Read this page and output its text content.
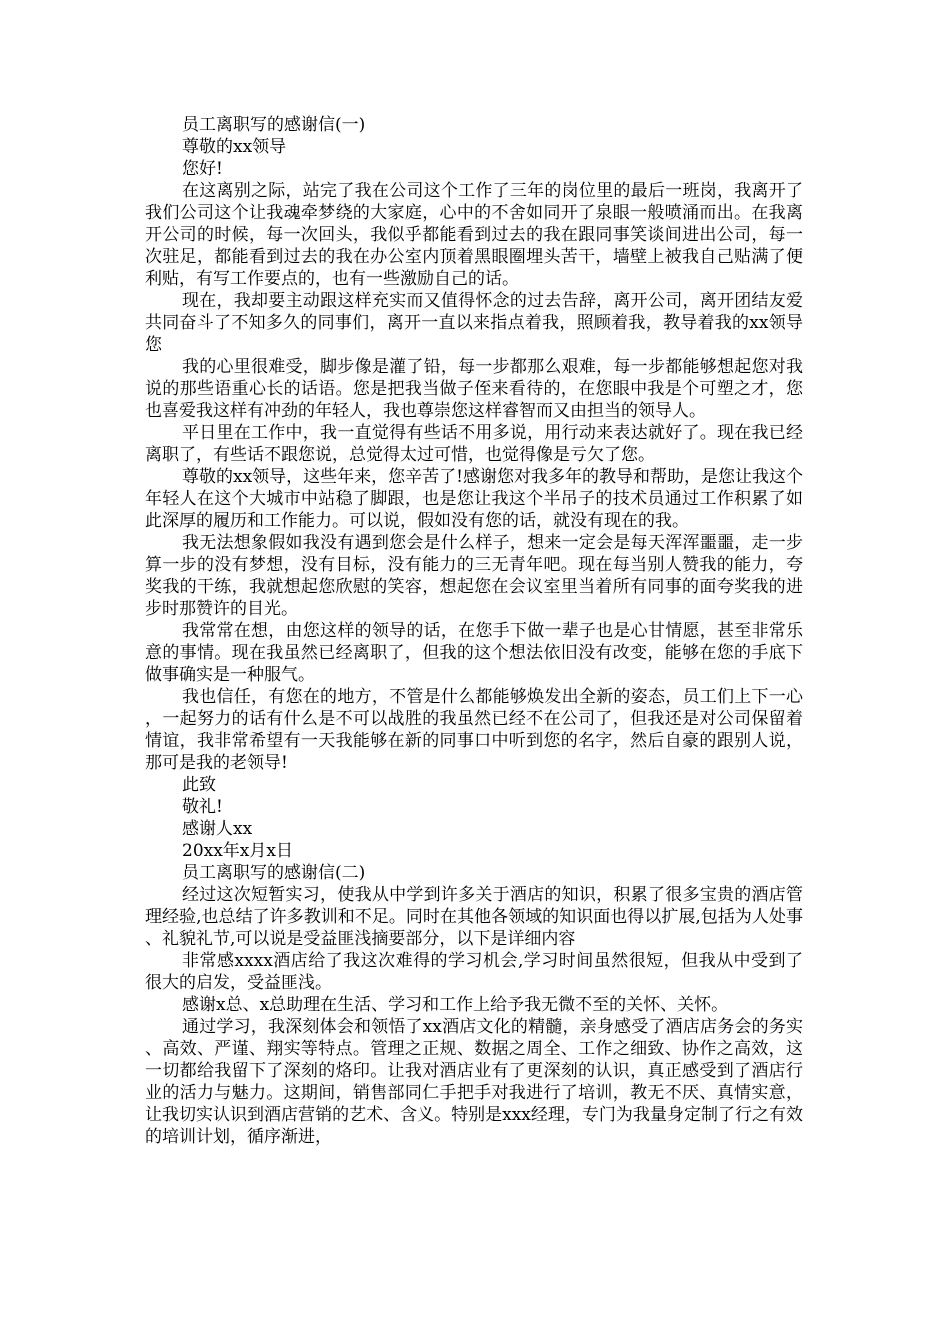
员工离职写的感谢信(一)

尊敬的xx领导

您好!

在这离别之际，站完了我在公司这个工作了三年的岗位里的最后一班岗，我离开了我们公司这个让我魂牵梦绕的大家庭，心中的不舍如同开了泉眼一般喷涌而出。在我离开公司的时候，每一次回头，我似乎都能看到过去的我在跟同事笑谈间进出公司，每一次驻足，都能看到过去的我在办公室内顶着黑眼圈埋头苦干，墙壁上被我自己贴满了便利贴，有写工作要点的，也有一些激励自己的话。

现在，我却要主动跟这样充实而又值得怀念的过去告辞，离开公司，离开团结友爱共同奋斗了不知多久的同事们，离开一直以来指点着我，照顾着我，教导着我的xx领导您

我的心里很难受，脚步像是灌了铅，每一步都那么艰难，每一步都能够想起您对我说的那些语重心长的话语。您是把我当做子侄来看待的，在您眼中我是个可塑之才，您也喜爱我这样有冲劲的年轻人，我也尊崇您这样睿智而又由担当的领导人。

平日里在工作中，我一直觉得有些话不用多说，用行动来表达就好了。现在我已经离职了，有些话不跟您说，总觉得太过可惜，也觉得像是亏欠了您。

尊敬的xx领导，这些年来，您辛苦了!感谢您对我多年的教导和帮助，是您让我这个年轻人在这个大城市中站稳了脚跟，也是您让我这个半吊子的技术员通过工作积累了如此深厚的履历和工作能力。可以说，假如没有您的话，就没有现在的我。

我无法想象假如我没有遇到您会是什么样子，想来一定会是每天浑浑噩噩，走一步算一步的没有梦想，没有目标，没有能力的三无青年吧。现在每当别人赞我的能力，夸奖我的干练，我就想起您欣慰的笑容，想起您在会议室里当着所有同事的面夸奖我的进步时那赞许的目光。

我常常在想，由您这样的领导的话，在您手下做一辈子也是心甘情愿，甚至非常乐意的事情。现在我虽然已经离职了，但我的这个想法依旧没有改变，能够在您的手底下做事确实是一种服气。

我也信任，有您在的地方，不管是什么都能够焕发出全新的姿态，员工们上下一心，一起努力的话有什么是不可以战胜的我虽然已经不在公司了，但我还是对公司保留着情谊，我非常希望有一天我能够在新的同事口中听到您的名字，然后自豪的跟别人说，那可是我的老领导!

此致

敬礼!

感谢人xx

20xx年x月x日

员工离职写的感谢信(二)

经过这次短暂实习，使我从中学到许多关于酒店的知识，积累了很多宝贵的酒店管理经验,也总结了许多教训和不足。同时在其他各领域的知识面也得以扩展,包括为人处事、礼貌礼节,可以说是受益匪浅摘要部分，以下是详细内容

非常感xxxx酒店给了我这次难得的学习机会,学习时间虽然很短，但我从中受到了很大的启发，受益匪浅。

感谢x总、x总助理在生活、学习和工作上给予我无微不至的关怀、关怀。

通过学习，我深刻体会和领悟了xx酒店文化的精髓，亲身感受了酒店店务会的务实、高效、严谨、翔实等特点。管理之正规、数据之周全、工作之细致、协作之高效，这一切都给我留下了深刻的烙印。让我对酒店业有了更深刻的认识，真正感受到了酒店行业的活力与魅力。这期间，销售部同仁手把手对我进行了培训，教无不厌、真情实意，让我切实认识到酒店营销的艺术、含义。特别是xxx经理，专门为我量身定制了行之有效的培训计划，循序渐进，
